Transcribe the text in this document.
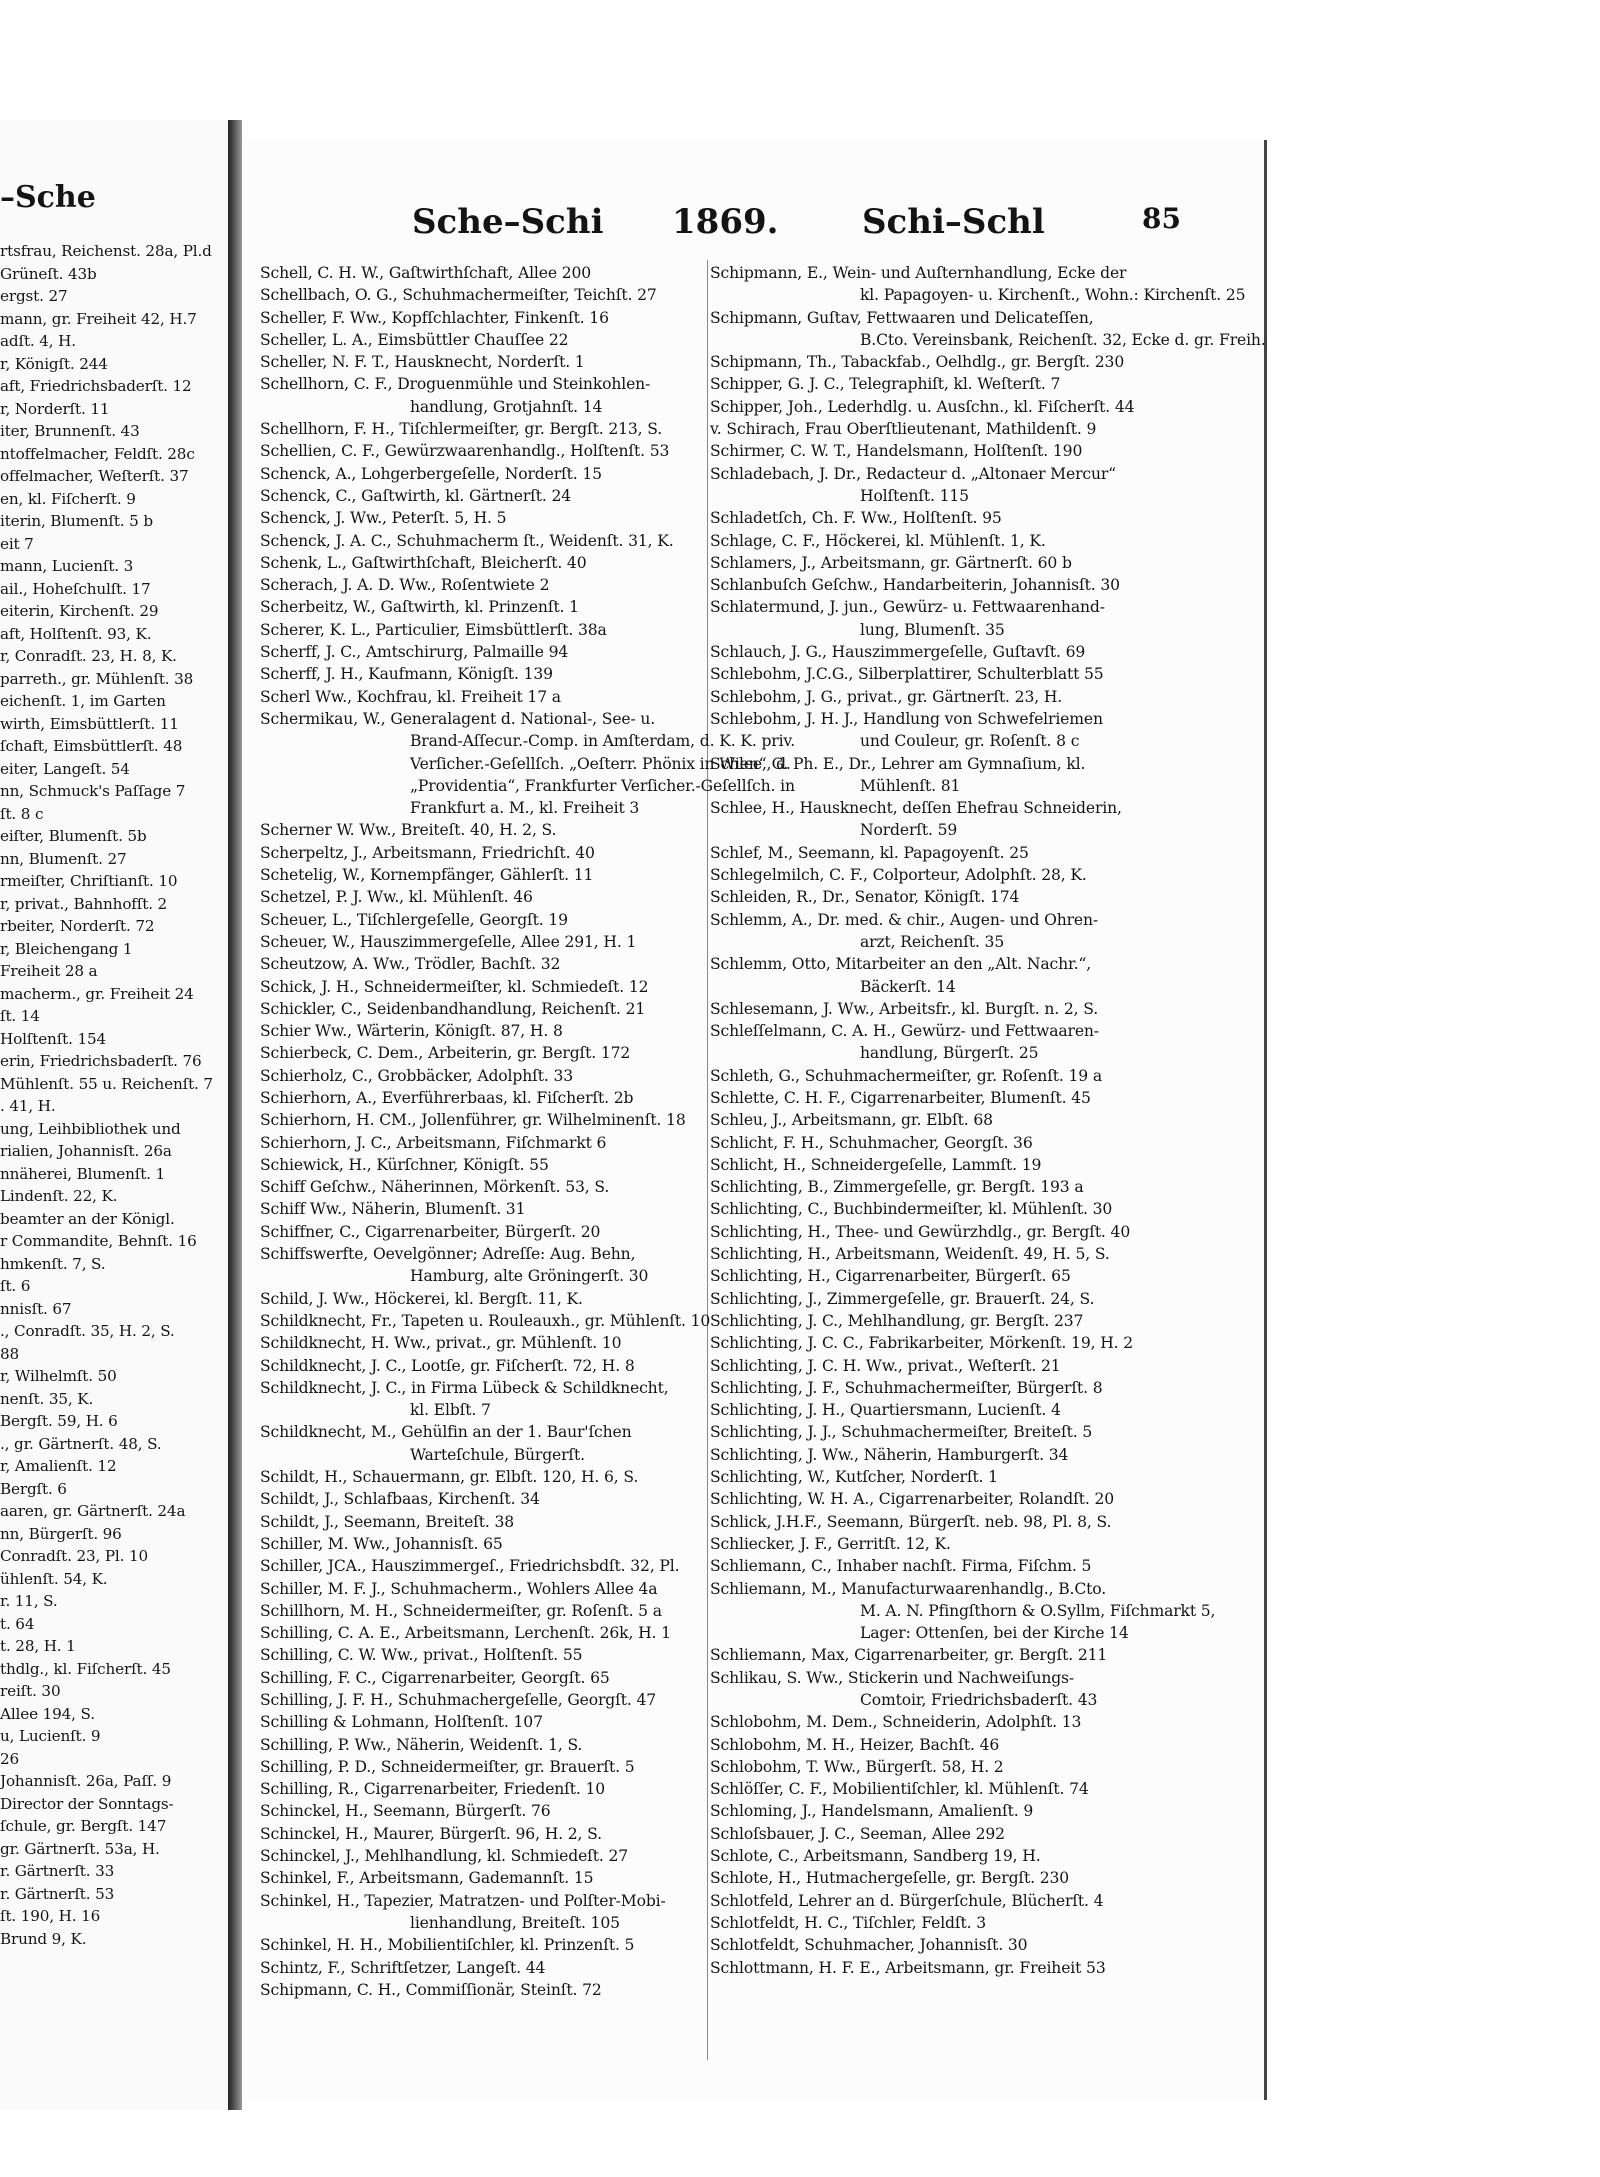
–Sche
rtsfrau, Reichenst. 28a, Pl.d
Grüneſt. 43b
ergst. 27
mann, gr. Freiheit 42, H.7
adſt. 4, H.
r, Königſt. 244
aft, Friedrichsbaderſt. 12
r, Norderſt. 11
iter, Brunnenſt. 43
ntoffelmacher, Feldſt. 28c
offelmacher, Weſterſt. 37
en, kl. Fiſcherſt. 9
iterin, Blumenſt. 5 b
eit 7
mann, Lucienſt. 3
ail., Hoheſchulſt. 17
eiterin, Kirchenſt. 29
aft, Holſtenſt. 93, K.
r, Conradſt. 23, H. 8, K.
parreth., gr. Mühlenſt. 38
eichenſt. 1, im Garten
wirth, Eimsbüttlerſt. 11
ſchaft, Eimsbüttlerſt. 48
eiter, Langeſt. 54
nn, Schmuck's Paſſage 7
ſt. 8 c
eiſter, Blumenſt. 5b
nn, Blumenſt. 27
rmeiſter, Chriſtianſt. 10
r, privat., Bahnhofſt. 2
rbeiter, Norderſt. 72
r, Bleichengang 1
Freiheit 28 a
macherm., gr. Freiheit 24
ſt. 14
Holſtenſt. 154
erin, Friedrichsbaderſt. 76
Mühlenſt. 55 u. Reichenſt. 7
. 41, H.
ung, Leihbibliothek und
rialien, Johannisſt. 26a
nnäherei, Blumenſt. 1
Lindenſt. 22, K.
beamter an der Königl.
r Commandite, Behnſt. 16
hmkenſt. 7, S.
ſt. 6
nnisſt. 67
., Conradſt. 35, H. 2, S.
88
r, Wilhelmſt. 50
nenſt. 35, K.
Bergſt. 59, H. 6
., gr. Gärtnerſt. 48, S.
r, Amalienſt. 12
Bergſt. 6
aaren, gr. Gärtnerſt. 24a
nn, Bürgerſt. 96
Conradſt. 23, Pl. 10
ühlenſt. 54, K.
r. 11, S.
t. 64
t. 28, H. 1
thdlg., kl. Fiſcherſt. 45
reiſt. 30
Allee 194, S.
u, Lucienſt. 9
26
Johannisſt. 26a, Paſſ. 9
Director der Sonntags-
ſchule, gr. Bergſt. 147
gr. Gärtnerſt. 53a, H.
r. Gärtnerſt. 33
r. Gärtnerſt. 53
ſt. 190, H. 16
Brund 9, K.
Sche–Schi 1869. Schi–Schl	85
Schell, C. H. W., Gaſtwirthſchaft, Allee 200
Schellbach, O. G., Schuhmachermeiſter, Teichſt. 27
Scheller, F. Ww., Kopfſchlachter, Finkenſt. 16
Scheller, L. A., Eimsbüttler Chauſſee 22
Scheller, N. F. T., Hausknecht, Norderſt. 1
Schellhorn, C. F., Droguenmühle und Steinkohlen-
handlung, Grotjahnſt. 14
Schellhorn, F. H., Tiſchlermeiſter, gr. Bergſt. 213, S.
Schellien, C. F., Gewürzwaarenhandlg., Holſtenſt. 53
Schenck, A., Lohgerbergeſelle, Norderſt. 15
Schenck, C., Gaſtwirth, kl. Gärtnerſt. 24
Schenck, J. Ww., Peterſt. 5, H. 5
Schenck, J. A. C., Schuhmacherm ſt., Weidenſt. 31, K.
Schenk, L., Gaſtwirthſchaft, Bleicherſt. 40
Scherach, J. A. D. Ww., Roſentwiete 2
Scherbeitz, W., Gaſtwirth, kl. Prinzenſt. 1
Scherer, K. L., Particulier, Eimsbüttlerſt. 38a
Scherff, J. C., Amtschirurg, Palmaille 94
Scherff, J. H., Kaufmann, Königſt. 139
Scherl Ww., Kochfrau, kl. Freiheit 17 a
Schermikau, W., Generalagent d. National-, See- u.
Brand-Aſſecur.-Comp. in Amſterdam, d. K. K. priv.
Verſicher.-Geſellſch. „Oeſterr. Phönix in Wien“, d.
„Providentia“, Frankfurter Verſicher.-Geſellſch. in
Frankfurt a. M., kl. Freiheit 3
Scherner W. Ww., Breiteſt. 40, H. 2, S.
Scherpeltz, J., Arbeitsmann, Friedrichſt. 40
Schetelig, W., Kornempfänger, Gählerſt. 11
Schetzel, P. J. Ww., kl. Mühlenſt. 46
Scheuer, L., Tiſchlergeſelle, Georgſt. 19
Scheuer, W., Hauszimmergeſelle, Allee 291, H. 1
Scheutzow, A. Ww., Trödler, Bachſt. 32
Schick, J. H., Schneidermeiſter, kl. Schmiedeſt. 12
Schickler, C., Seidenbandhandlung, Reichenſt. 21
Schier Ww., Wärterin, Königſt. 87, H. 8
Schierbeck, C. Dem., Arbeiterin, gr. Bergſt. 172
Schierholz, C., Grobbäcker, Adolphſt. 33
Schierhorn, A., Everführerbaas, kl. Fiſcherſt. 2b
Schierhorn, H. CM., Jollenführer, gr. Wilhelminenſt. 18
Schierhorn, J. C., Arbeitsmann, Fiſchmarkt 6
Schiewick, H., Kürſchner, Königſt. 55
Schiff Geſchw., Näherinnen, Mörkenſt. 53, S.
Schiff Ww., Näherin, Blumenſt. 31
Schiffner, C., Cigarrenarbeiter, Bürgerſt. 20
Schiffswerfte, Oevelgönner; Adreſſe: Aug. Behn,
Hamburg, alte Gröningerſt. 30
Schild, J. Ww., Höckerei, kl. Bergſt. 11, K.
Schildknecht, Fr., Tapeten u. Rouleauxh., gr. Mühlenſt. 10
Schildknecht, H. Ww., privat., gr. Mühlenſt. 10
Schildknecht, J. C., Lootſe, gr. Fiſcherſt. 72, H. 8
Schildknecht, J. C., in Firma Lübeck & Schildknecht,
kl. Elbſt. 7
Schildknecht, M., Gehülfin an der 1. Baur'ſchen
Warteſchule, Bürgerſt.
Schildt, H., Schauermann, gr. Elbſt. 120, H. 6, S.
Schildt, J., Schlafbaas, Kirchenſt. 34
Schildt, J., Seemann, Breiteſt. 38
Schiller, M. Ww., Johannisſt. 65
Schiller, JCA., Hauszimmergeſ., Friedrichsbdſt. 32, Pl.
Schiller, M. F. J., Schuhmacherm., Wohlers Allee 4a
Schillhorn, M. H., Schneidermeiſter, gr. Roſenſt. 5 a
Schilling, C. A. E., Arbeitsmann, Lerchenſt. 26k, H. 1
Schilling, C. W. Ww., privat., Holſtenſt. 55
Schilling, F. C., Cigarrenarbeiter, Georgſt. 65
Schilling, J. F. H., Schuhmachergeſelle, Georgſt. 47
Schilling & Lohmann, Holſtenſt. 107
Schilling, P. Ww., Näherin, Weidenſt. 1, S.
Schilling, P. D., Schneidermeiſter, gr. Brauerſt. 5
Schilling, R., Cigarrenarbeiter, Friedenſt. 10
Schinckel, H., Seemann, Bürgerſt. 76
Schinckel, H., Maurer, Bürgerſt. 96, H. 2, S.
Schinckel, J., Mehlhandlung, kl. Schmiedeſt. 27
Schinkel, F., Arbeitsmann, Gademannſt. 15
Schinkel, H., Tapezier, Matratzen- und Polſter-Mobi-
lienhandlung, Breiteſt. 105
Schinkel, H. H., Mobilientiſchler, kl. Prinzenſt. 5
Schintz, F., Schriftſetzer, Langeſt. 44
Schipmann, C. H., Commiſſionär, Steinſt. 72
Schipmann, E., Wein- und Auſternhandlung, Ecke der
kl. Papagoyen- u. Kirchenſt., Wohn.: Kirchenſt. 25
Schipmann, Guſtav, Fettwaaren und Delicateſſen,
B.Cto. Vereinsbank, Reichenſt. 32, Ecke d. gr. Freih.
Schipmann, Th., Tabackfab., Oelhdlg., gr. Bergſt. 230
Schipper, G. J. C., Telegraphiſt, kl. Weſterſt. 7
Schipper, Joh., Lederhdlg. u. Ausſchn., kl. Fiſcherſt. 44
v. Schirach, Frau Oberſtlieutenant, Mathildenſt. 9
Schirmer, C. W. T., Handelsmann, Holſtenſt. 190
Schladebach, J. Dr., Redacteur d. „Altonaer Mercur“
Holſtenſt. 115
Schladetſch, Ch. F. Ww., Holſtenſt. 95
Schlage, C. F., Höckerei, kl. Mühlenſt. 1, K.
Schlamers, J., Arbeitsmann, gr. Gärtnerſt. 60 b
Schlanbuſch Geſchw., Handarbeiterin, Johannisſt. 30
Schlatermund, J. jun., Gewürz- u. Fettwaarenhand-
lung, Blumenſt. 35
Schlauch, J. G., Hauszimmergeſelle, Guſtavſt. 69
Schlebohm, J.C.G., Silberplattirer, Schulterblatt 55
Schlebohm, J. G., privat., gr. Gärtnerſt. 23, H.
Schlebohm, J. H. J., Handlung von Schwefelriemen
und Couleur, gr. Roſenſt. 8 c
Schlee, G. Ph. E., Dr., Lehrer am Gymnaſium, kl.
Mühlenſt. 81
Schlee, H., Hausknecht, deſſen Ehefrau Schneiderin,
Norderſt. 59
Schlef, M., Seemann, kl. Papagoyenſt. 25
Schlegelmilch, C. F., Colporteur, Adolphſt. 28, K.
Schleiden, R., Dr., Senator, Königſt. 174
Schlemm, A., Dr. med. & chir., Augen- und Ohren-
arzt, Reichenſt. 35
Schlemm, Otto, Mitarbeiter an den „Alt. Nachr.“,
Bäckerſt. 14
Schlesemann, J. Ww., Arbeitsfr., kl. Burgſt. n. 2, S.
Schleſſelmann, C. A. H., Gewürz- und Fettwaaren-
handlung, Bürgerſt. 25
Schleth, G., Schuhmachermeiſter, gr. Roſenſt. 19 a
Schlette, C. H. F., Cigarrenarbeiter, Blumenſt. 45
Schleu, J., Arbeitsmann, gr. Elbſt. 68
Schlicht, F. H., Schuhmacher, Georgſt. 36
Schlicht, H., Schneidergeſelle, Lammſt. 19
Schlichting, B., Zimmergeſelle, gr. Bergſt. 193 a
Schlichting, C., Buchbindermeiſter, kl. Mühlenſt. 30
Schlichting, H., Thee- und Gewürzhdlg., gr. Bergſt. 40
Schlichting, H., Arbeitsmann, Weidenſt. 49, H. 5, S.
Schlichting, H., Cigarrenarbeiter, Bürgerſt. 65
Schlichting, J., Zimmergeſelle, gr. Brauerſt. 24, S.
Schlichting, J. C., Mehlhandlung, gr. Bergſt. 237
Schlichting, J. C. C., Fabrikarbeiter, Mörkenſt. 19, H. 2
Schlichting, J. C. H. Ww., privat., Weſterſt. 21
Schlichting, J. F., Schuhmachermeiſter, Bürgerſt. 8
Schlichting, J. H., Quartiersmann, Lucienſt. 4
Schlichting, J. J., Schuhmachermeiſter, Breiteſt. 5
Schlichting, J. Ww., Näherin, Hamburgerſt. 34
Schlichting, W., Kutſcher, Norderſt. 1
Schlichting, W. H. A., Cigarrenarbeiter, Rolandſt. 20
Schlick, J.H.F., Seemann, Bürgerſt. neb. 98, Pl. 8, S.
Schliecker, J. F., Gerritſt. 12, K.
Schliemann, C., Inhaber nachſt. Firma, Fiſchm. 5
Schliemann, M., Manufacturwaarenhandlg., B.Cto.
M. A. N. Pfingſthorn & O.Syllm, Fiſchmarkt 5,
Lager: Ottenſen, bei der Kirche 14
Schliemann, Max, Cigarrenarbeiter, gr. Bergſt. 211
Schlikau, S. Ww., Stickerin und Nachweiſungs-
Comtoir, Friedrichsbaderſt. 43
Schlobohm, M. Dem., Schneiderin, Adolphſt. 13
Schlobohm, M. H., Heizer, Bachſt. 46
Schlobohm, T. Ww., Bürgerſt. 58, H. 2
Schlöſſer, C. F., Mobilientiſchler, kl. Mühlenſt. 74
Schloming, J., Handelsmann, Amalienſt. 9
Schloſsbauer, J. C., Seeman, Allee 292
Schlote, C., Arbeitsmann, Sandberg 19, H.
Schlote, H., Hutmachergeſelle, gr. Bergſt. 230
Schlotfeld, Lehrer an d. Bürgerſchule, Blücherſt. 4
Schlotfeldt, H. C., Tiſchler, Feldſt. 3
Schlotfeldt, Schuhmacher, Johannisſt. 30
Schlottmann, H. F. E., Arbeitsmann, gr. Freiheit 53
